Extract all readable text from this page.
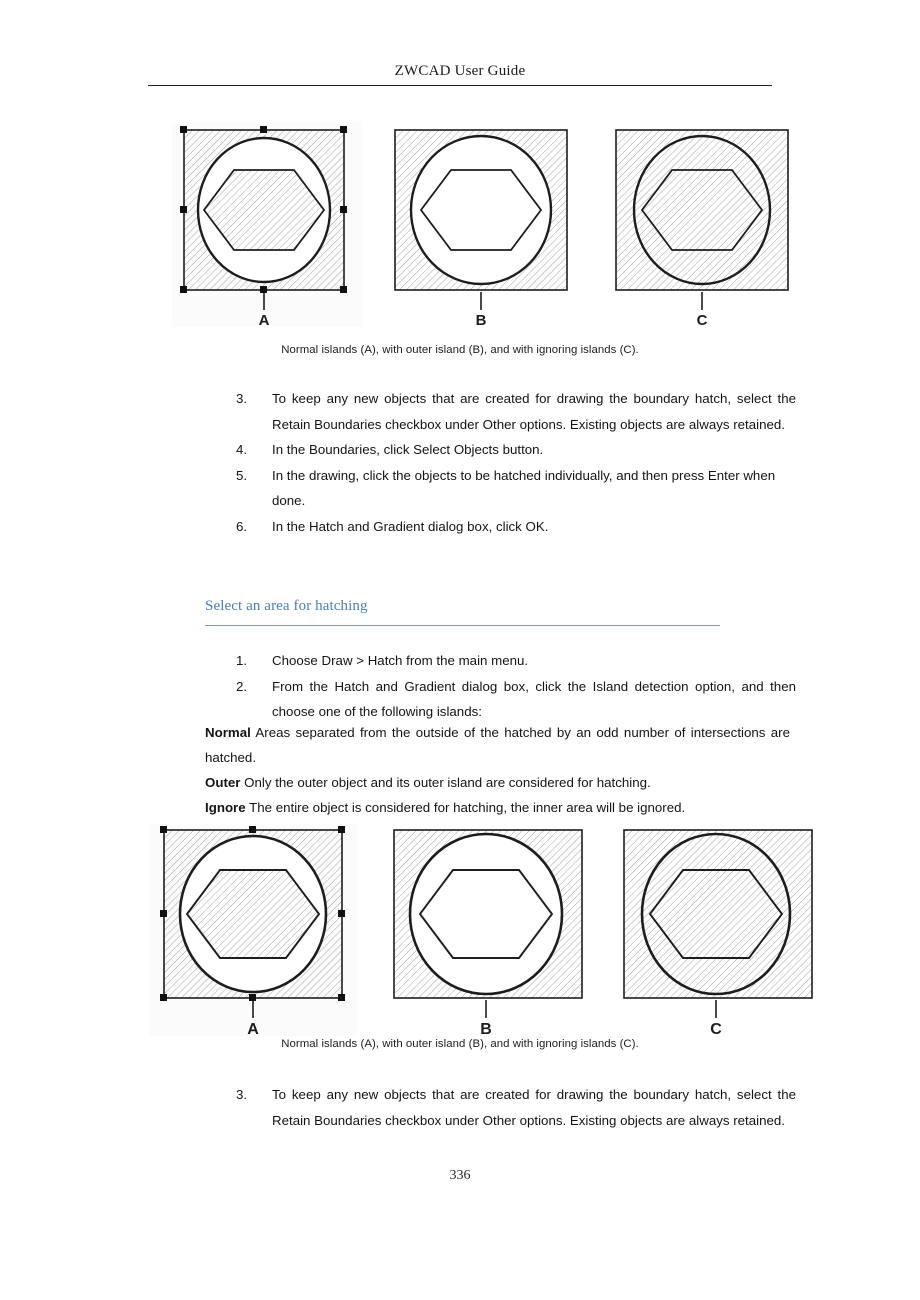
ZWCAD User Guide
A	B	C
Normal islands (A), with outer island (B), and with ignoring islands (C).
3.	To keep any new objects that are created for drawing the boundary hatch, select the Retain Boundaries checkbox under Other options. Existing objects are always retained.
4.	In the Boundaries, click Select Objects button.
5.	In the drawing, click the objects to be hatched individually, and then press Enter when done.
6.	In the Hatch and Gradient dialog box, click OK.
Select an area for hatching
1.	Choose Draw > Hatch from the main menu.
2.	From the Hatch and Gradient dialog box, click the Island detection option, and then choose one of the following islands:
Normal Areas separated from the outside of the hatched by an odd number of intersections are hatched.
Outer Only the outer object and its outer island are considered for hatching.
Ignore The entire object is considered for hatching, the inner area will be ignored.
A	B	C
Normal islands (A), with outer island (B), and with ignoring islands (C).
3.	To keep any new objects that are created for drawing the boundary hatch, select the Retain Boundaries checkbox under Other options. Existing objects are always retained.
336
